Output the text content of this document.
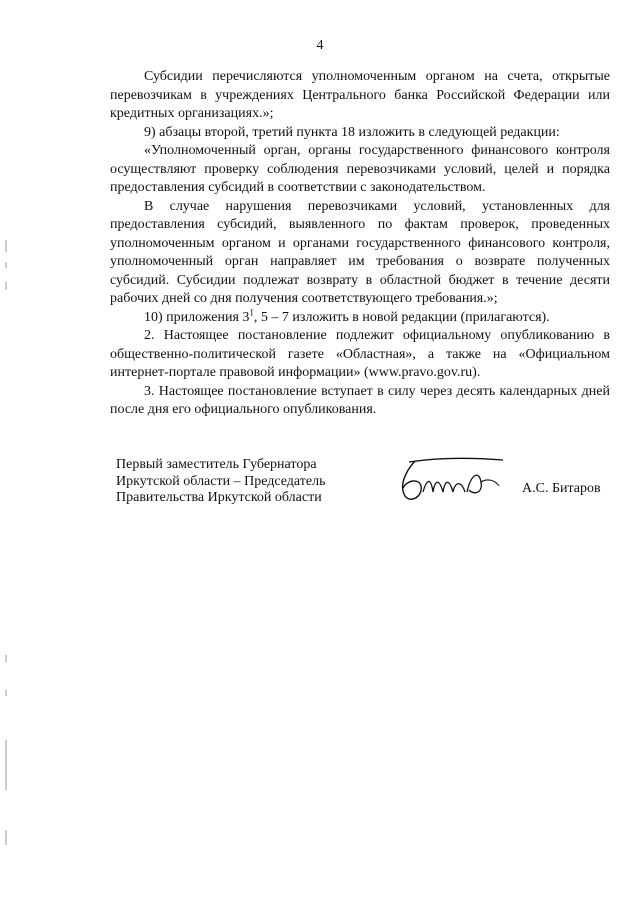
4

Субсидии перечисляются уполномоченным органом на счета, открытые перевозчикам в учреждениях Центрального банка Российской Федерации или кредитных организациях.»;

9) абзацы второй, третий пункта 18 изложить в следующей редакции:

«Уполномоченный орган, органы государственного финансового контроля осуществляют проверку соблюдения перевозчиками условий, целей и порядка предоставления субсидий в соответствии с законодательством.

В случае нарушения перевозчиками условий, установленных для предоставления субсидий, выявленного по фактам проверок, проведенных уполномоченным органом и органами государственного финансового контроля, уполномоченный орган направляет им требования о возврате полученных субсидий. Субсидии подлежат возврату в областной бюджет в течение десяти рабочих дней со дня получения соответствующего требования.»;

10) приложения $3^1$, 5 – 7 изложить в новой редакции (прилагаются).

2. Настоящее постановление подлежит официальному опубликованию в общественно-политической газете «Областная», а также на «Официальном интернет-портале правовой информации» (www.pravo.gov.ru).

3. Настоящее постановление вступает в силу через десять календарных дней после дня его официального опубликования.

Первый заместитель Губернатора
Иркутской области – Председатель
Правительства Иркутской области
А.С. Битаров
